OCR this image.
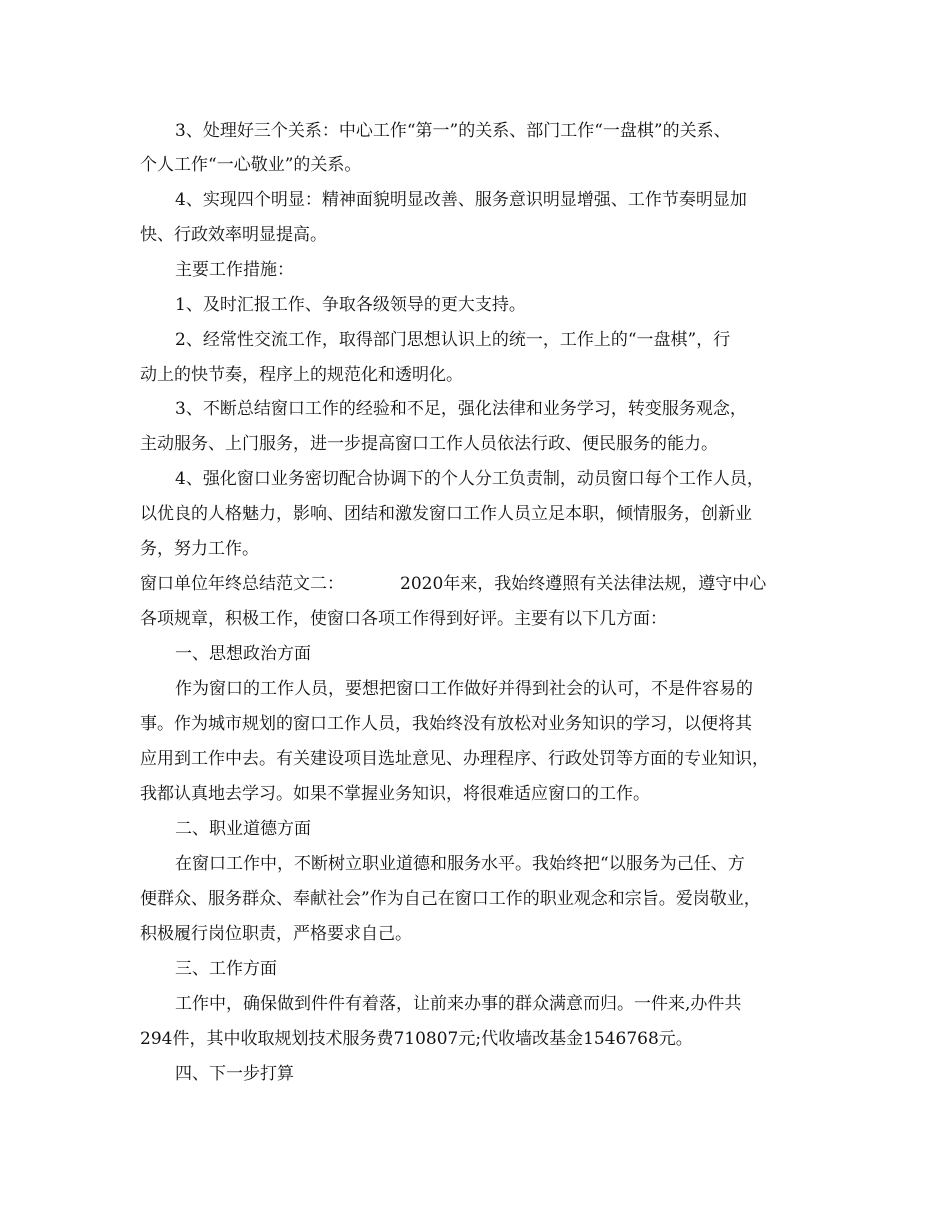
3、处理好三个关系：中心工作“第一”的关系、部门工作“一盘棋”的关系、
个人工作“一心敬业”的关系。
4、实现四个明显：精神面貌明显改善、服务意识明显增强、工作节奏明显加
快、行政效率明显提高。
主要工作措施：
1、及时汇报工作、争取各级领导的更大支持。
2、经常性交流工作，取得部门思想认识上的统一，工作上的“一盘棋”，行
动上的快节奏，程序上的规范化和透明化。
3、不断总结窗口工作的经验和不足，强化法律和业务学习，转变服务观念，
主动服务、上门服务，进一步提高窗口工作人员依法行政、便民服务的能力。
4、强化窗口业务密切配合协调下的个人分工负责制，动员窗口每个工作人员，
以优良的人格魅力，影响、团结和激发窗口工作人员立足本职，倾情服务，创新业
务，努力工作。
窗口单位年终总结范文二：	2020年来，我始终遵照有关法律法规，遵守中心
各项规章，积极工作，使窗口各项工作得到好评。主要有以下几方面：
一、思想政治方面
作为窗口的工作人员，要想把窗口工作做好并得到社会的认可，不是件容易的
事。作为城市规划的窗口工作人员，我始终没有放松对业务知识的学习，以便将其
应用到工作中去。有关建设项目选址意见、办理程序、行政处罚等方面的专业知识，
我都认真地去学习。如果不掌握业务知识，将很难适应窗口的工作。
二、职业道德方面
在窗口工作中，不断树立职业道德和服务水平。我始终把“以服务为己任、方
便群众、服务群众、奉献社会”作为自己在窗口工作的职业观念和宗旨。爱岗敬业，
积极履行岗位职责，严格要求自己。
三、工作方面
工作中，确保做到件件有着落，让前来办事的群众满意而归。一件来,办件共
294件，其中收取规划技术服务费710807元;代收墙改基金1546768元。
四、下一步打算
